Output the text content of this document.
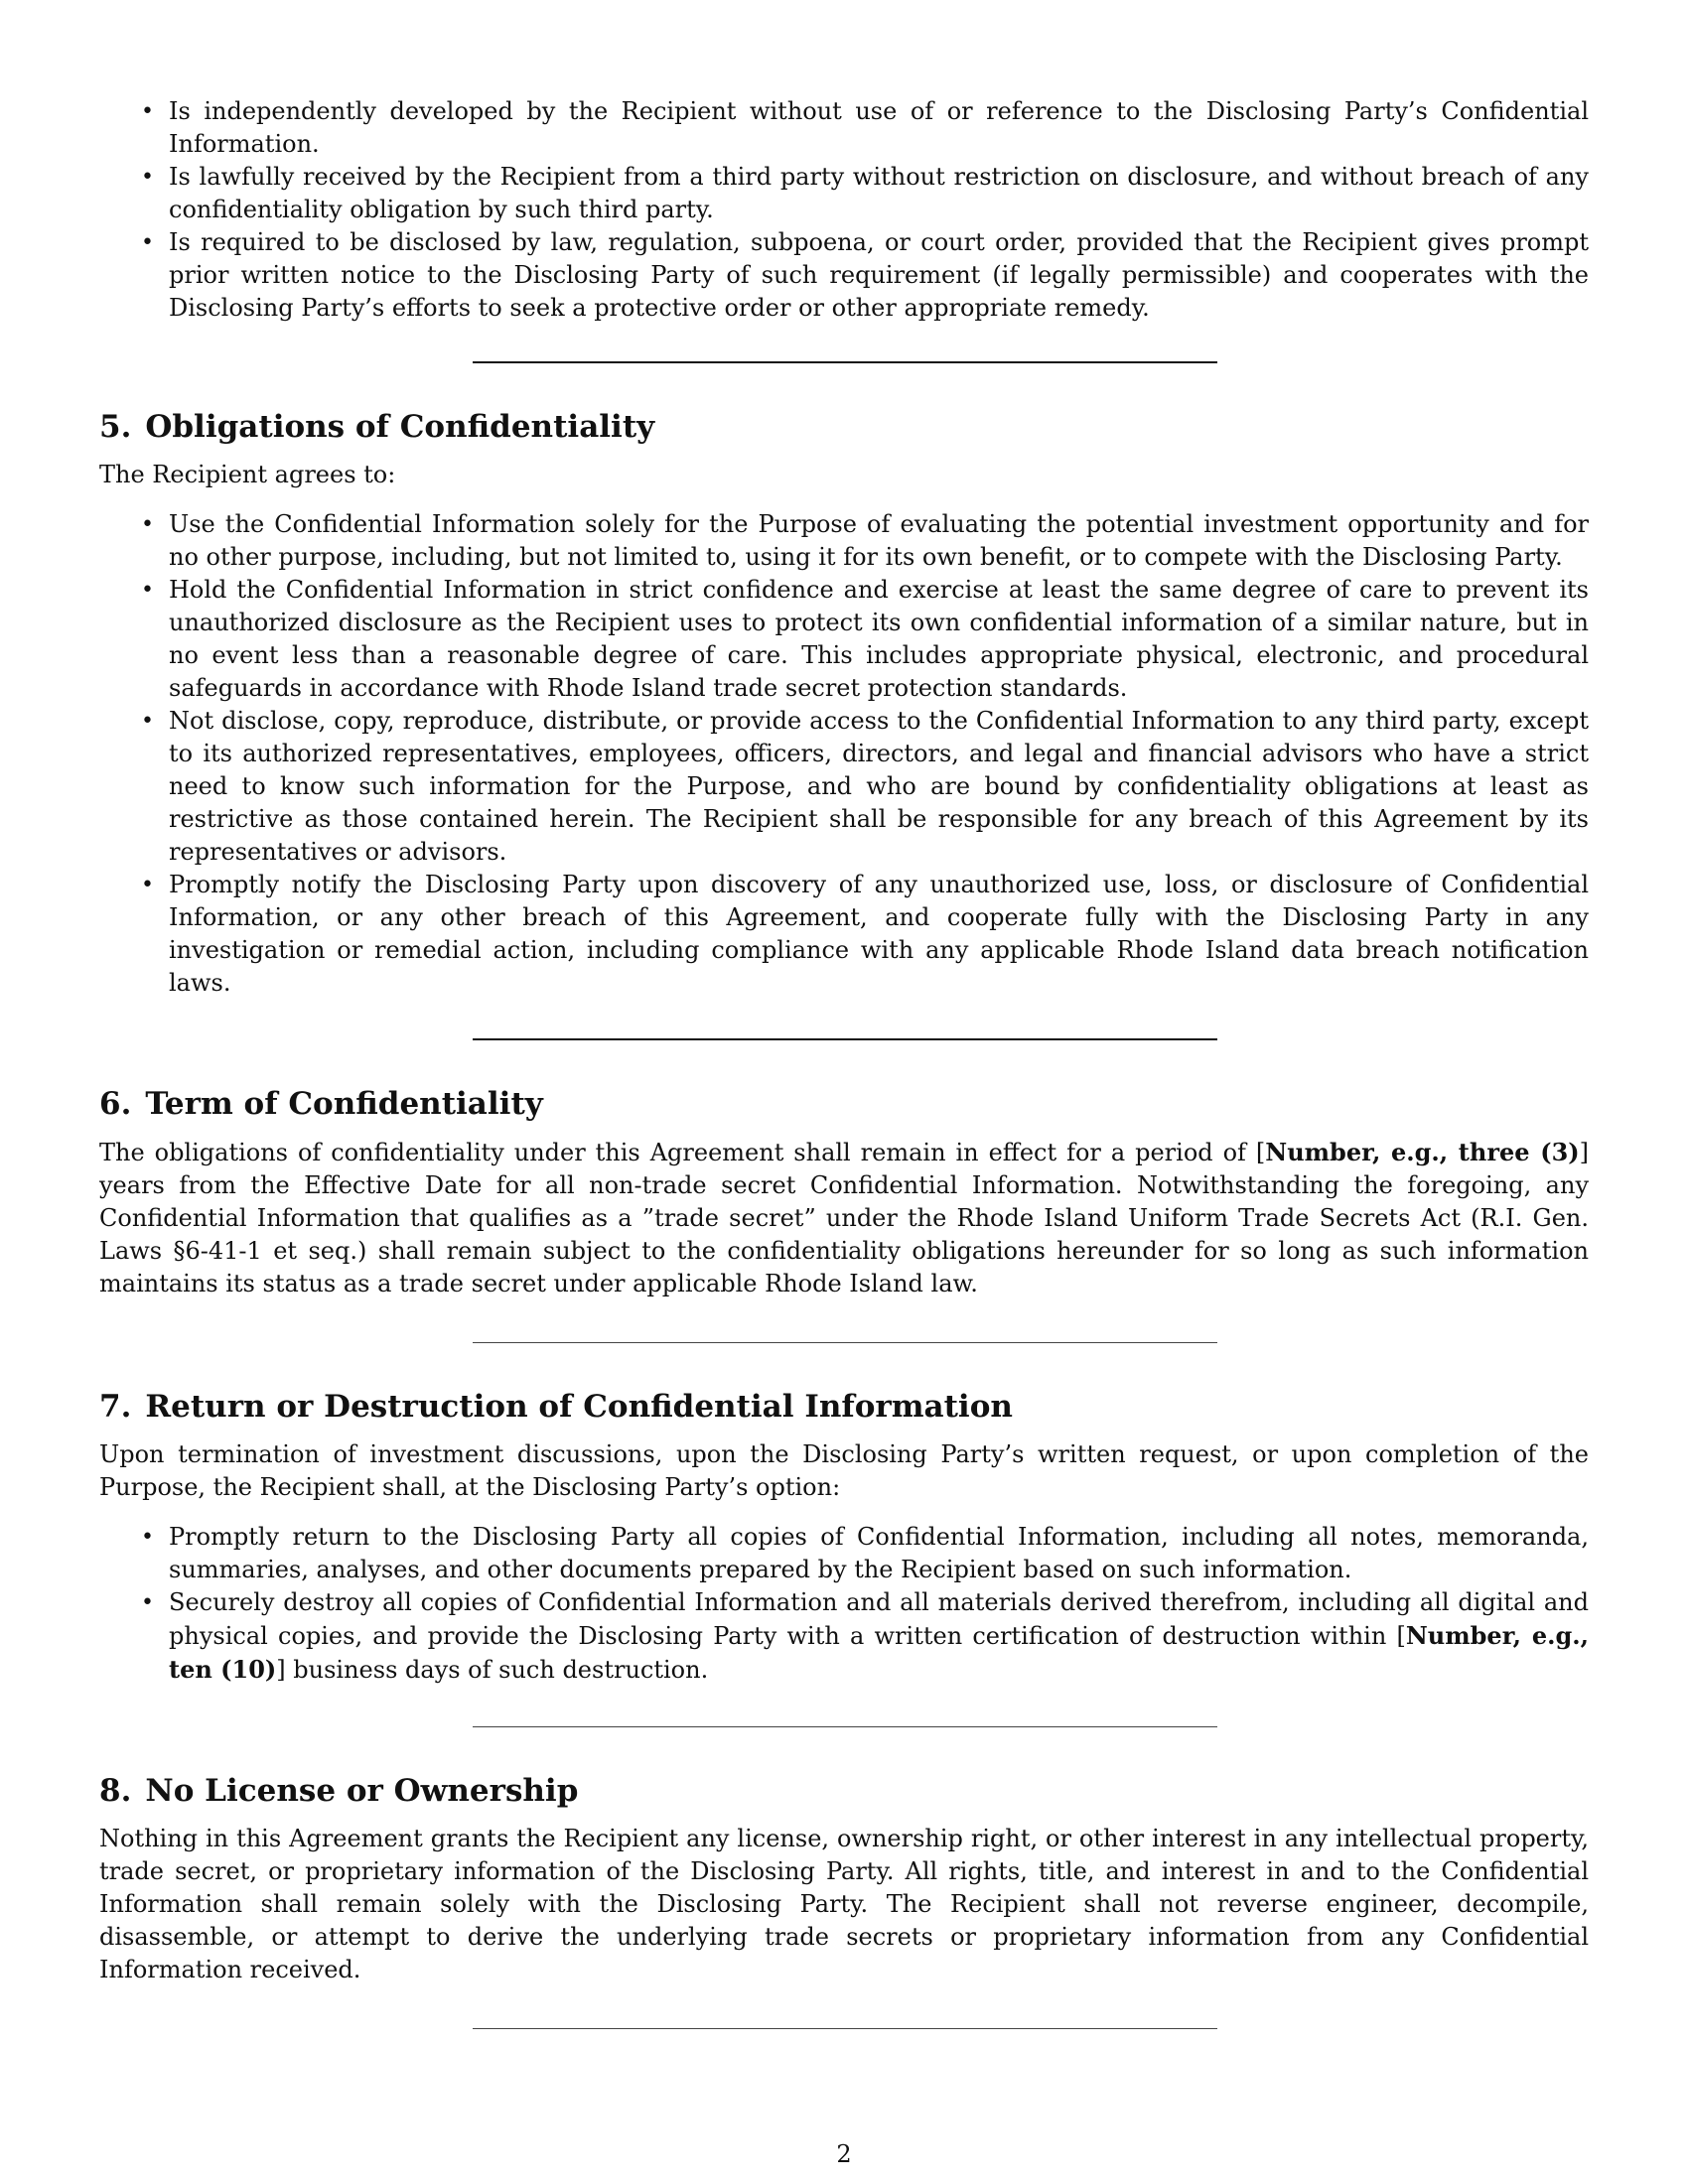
• Is independently developed by the Recipient without use of or reference to the Disclosing Party’s Confidential Information.
• Is lawfully received by the Recipient from a third party without restriction on disclosure, and without breach of any confidentiality obligation by such third party.
• Is required to be disclosed by law, regulation, subpoena, or court order, provided that the Recipient gives prompt prior written notice to the Disclosing Party of such requirement (if legally permissible) and cooperates with the Disclosing Party’s efforts to seek a protective order or other appropriate remedy.
5. Obligations of Confidentiality
The Recipient agrees to:
• Use the Confidential Information solely for the Purpose of evaluating the potential investment opportunity and for no other purpose, including, but not limited to, using it for its own benefit, or to compete with the Disclosing Party.
• Hold the Confidential Information in strict confidence and exercise at least the same degree of care to prevent its unauthorized disclosure as the Recipient uses to protect its own confidential information of a similar nature, but in no event less than a reasonable degree of care. This includes appropriate physical, electronic, and procedural safeguards in accordance with Rhode Island trade secret protection standards.
• Not disclose, copy, reproduce, distribute, or provide access to the Confidential Information to any third party, except to its authorized representatives, employees, officers, directors, and legal and financial advisors who have a strict need to know such information for the Purpose, and who are bound by confidentiality obligations at least as restrictive as those contained herein. The Recipient shall be responsible for any breach of this Agreement by its representatives or advisors.
• Promptly notify the Disclosing Party upon discovery of any unauthorized use, loss, or disclosure of Confidential Information, or any other breach of this Agreement, and cooperate fully with the Disclosing Party in any investigation or remedial action, including compliance with any applicable Rhode Island data breach notification laws.
6. Term of Confidentiality
The obligations of confidentiality under this Agreement shall remain in effect for a period of [Number, e.g., three (3)] years from the Effective Date for all non-trade secret Confidential Information. Notwithstanding the foregoing, any Confidential Information that qualifies as a ”trade secret” under the Rhode Island Uniform Trade Secrets Act (R.I. Gen. Laws §6-41-1 et seq.) shall remain subject to the confidentiality obligations hereunder for so long as such information maintains its status as a trade secret under applicable Rhode Island law.
7. Return or Destruction of Confidential Information
Upon termination of investment discussions, upon the Disclosing Party’s written request, or upon completion of the Purpose, the Recipient shall, at the Disclosing Party’s option:
• Promptly return to the Disclosing Party all copies of Confidential Information, including all notes, memoranda, summaries, analyses, and other documents prepared by the Recipient based on such information.
• Securely destroy all copies of Confidential Information and all materials derived therefrom, including all digital and physical copies, and provide the Disclosing Party with a written certification of destruction within [Number, e.g., ten (10)] business days of such destruction.
8. No License or Ownership
Nothing in this Agreement grants the Recipient any license, ownership right, or other interest in any intellectual property, trade secret, or proprietary information of the Disclosing Party. All rights, title, and interest in and to the Confidential Information shall remain solely with the Disclosing Party. The Recipient shall not reverse engineer, decompile, disassemble, or attempt to derive the underlying trade secrets or proprietary information from any Confidential Information received.
2
